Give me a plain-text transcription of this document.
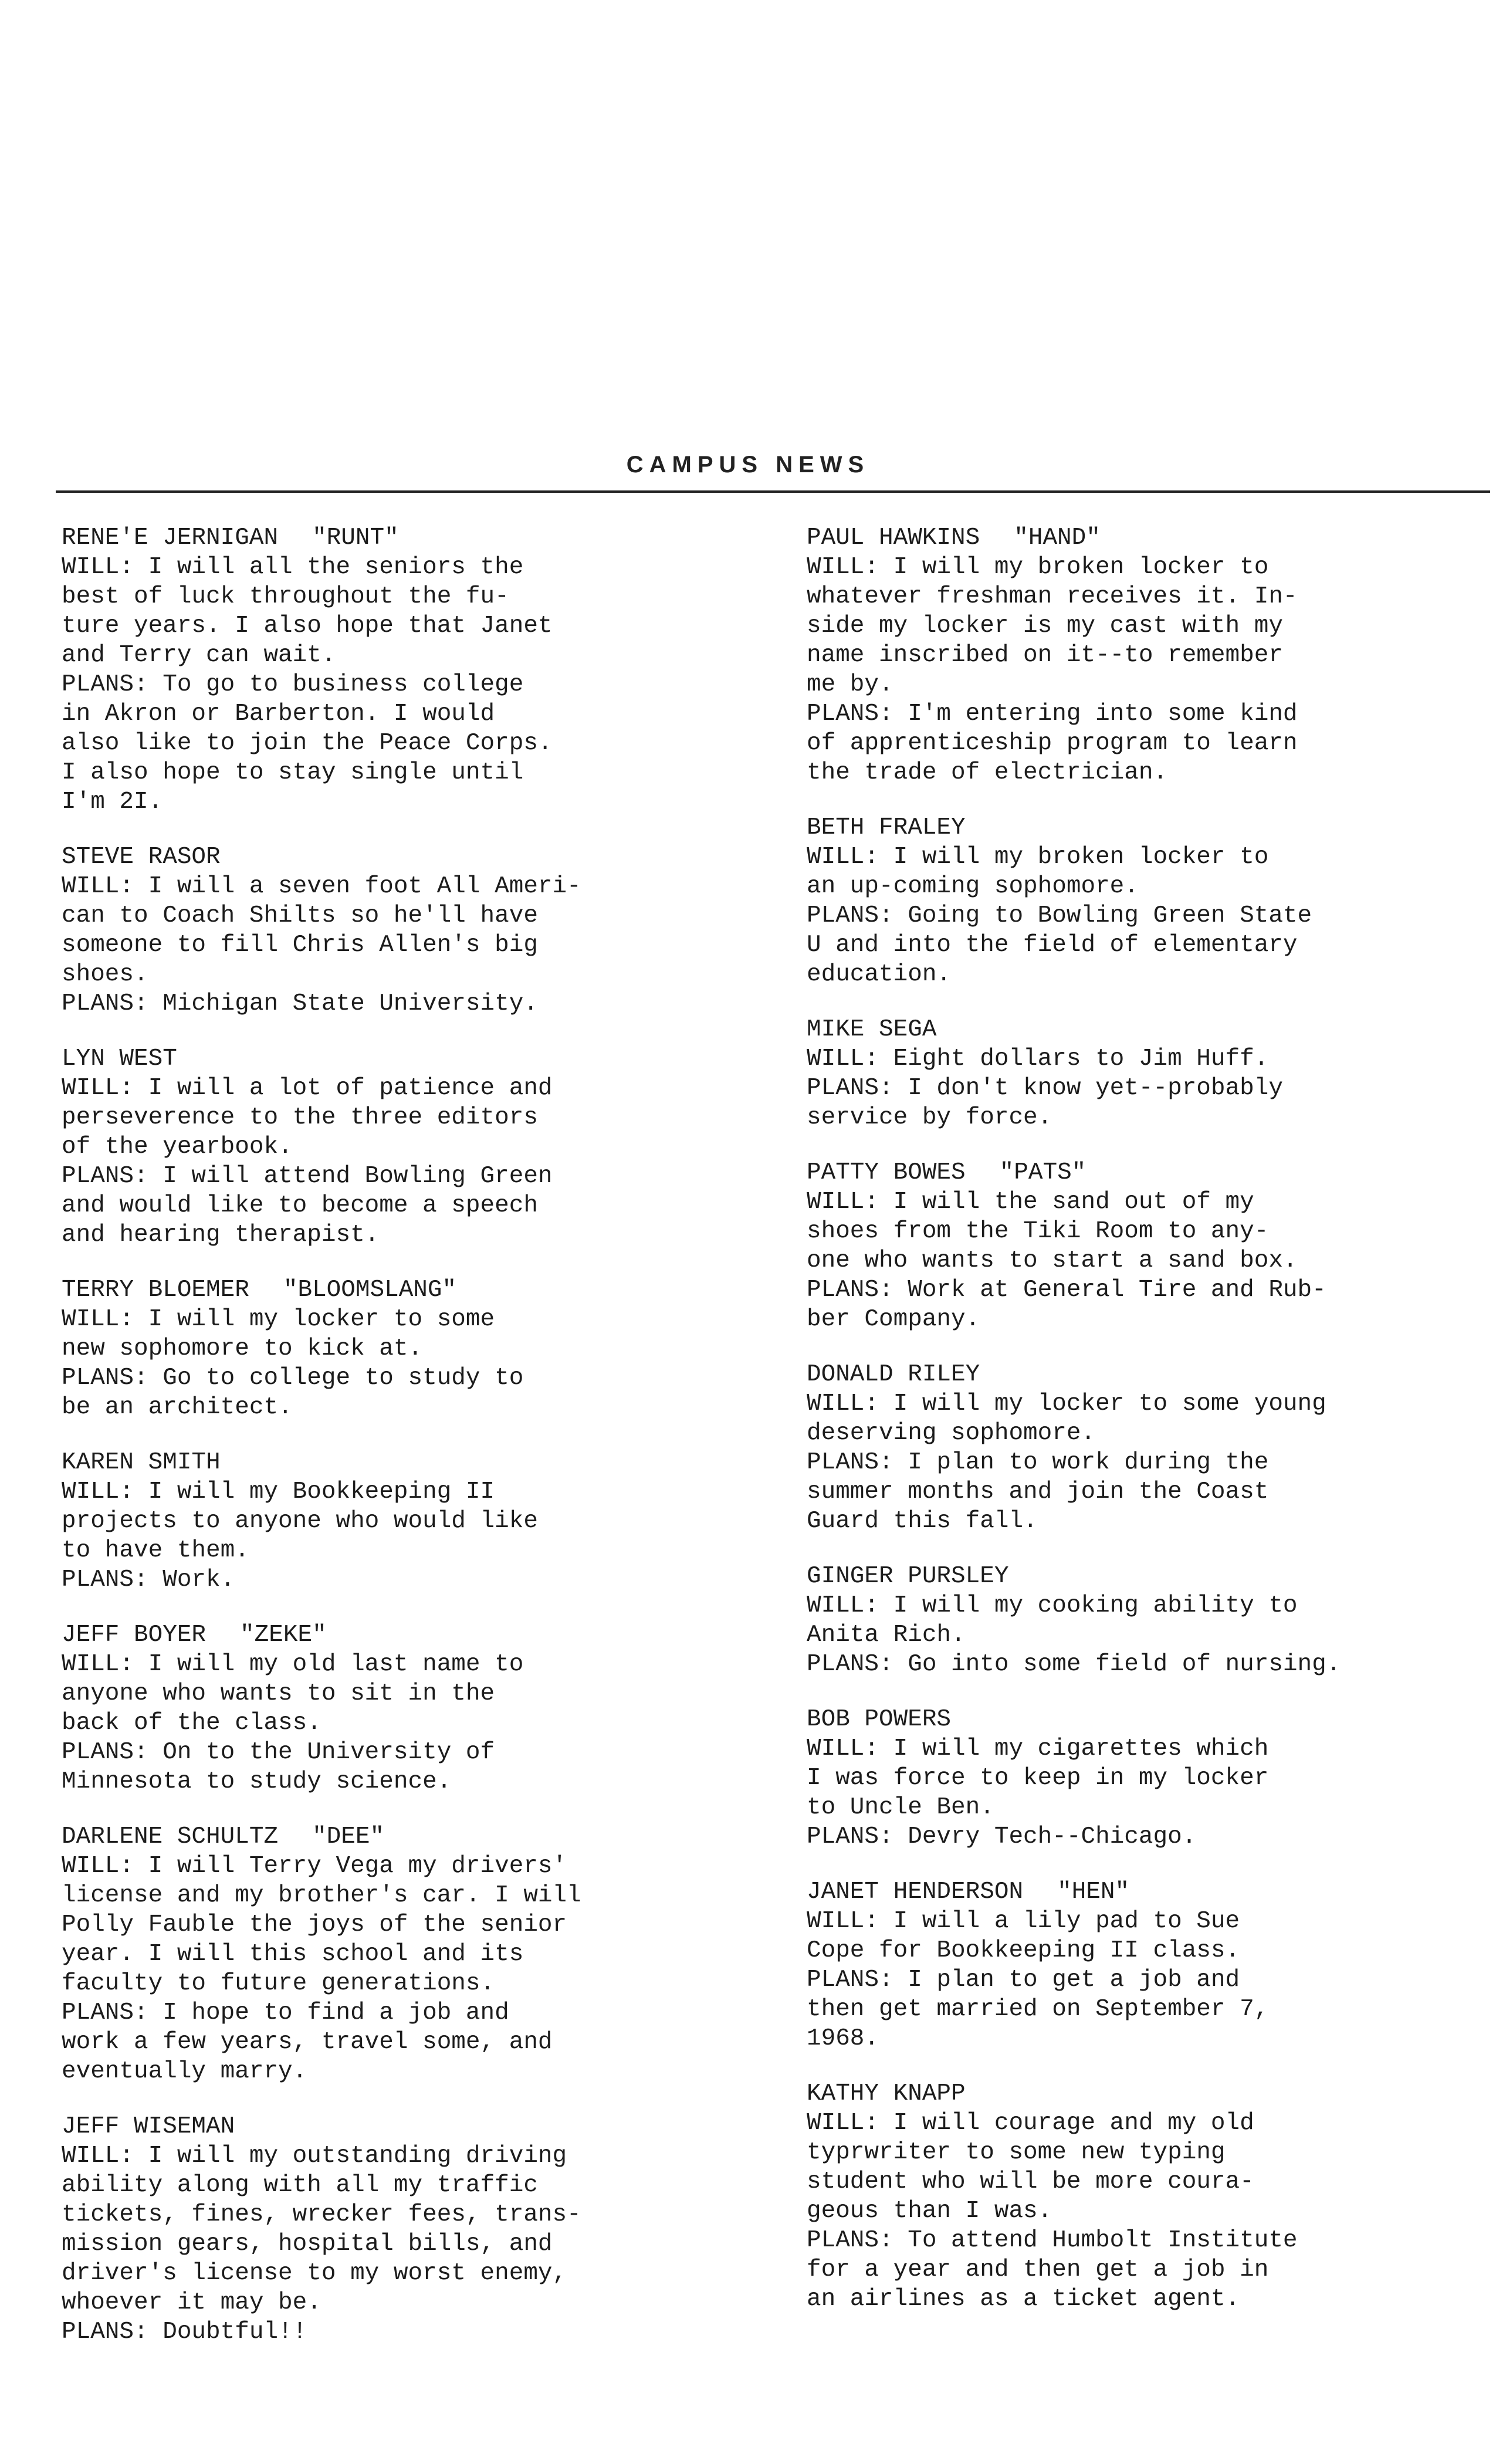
CAMPUS NEWS

RENE'E JERNIGAN "RUNT"

WILL: I will all the seniors the

best of luck throughout the fu-

ture years. I also hope that Janet

and Terry can wait.

PLANS: To go to business college

in Akron or Barberton. I would

also like to join the Peace Corps.

I also hope to stay single until

I'm 2I.

STEVE RASOR

WILL: I will a seven foot All Ameri-

can to Coach Shilts so he'll have

someone to fill Chris Allen's big

shoes.

PLANS: Michigan State University.

LYN WEST

WILL: I will a lot of patience and

perseverence to the three editors

of the yearbook.

PLANS: I will attend Bowling Green

and would like to become a speech

and hearing therapist.

TERRY BLOEMER "BLOOMSLANG"

WILL: I will my locker to some

new sophomore to kick at.

PLANS: Go to college to study to

be an architect.

KAREN SMITH

WILL: I will my Bookkeeping II

projects to anyone who would like

to have them.

PLANS: Work.

JEFF BOYER "ZEKE"

WILL: I will my old last name to

anyone who wants to sit in the

back of the class.

PLANS: On to the University of

Minnesota to study science.

DARLENE SCHULTZ "DEE"

WILL: I will Terry Vega my drivers'

license and my brother's car. I will

Polly Fauble the joys of the senior

year. I will this school and its

faculty to future generations.

PLANS: I hope to find a job and

work a few years, travel some, and

eventually marry.

JEFF WISEMAN

WILL: I will my outstanding driving

ability along with all my traffic

tickets, fines, wrecker fees, trans-

mission gears, hospital bills, and

driver's license to my worst enemy,

whoever it may be.

PLANS: Doubtful!!

PAUL HAWKINS "HAND"

WILL: I will my broken locker to

whatever freshman receives it. In-

side my locker is my cast with my

name inscribed on it--to remember

me by.

PLANS: I'm entering into some kind

of apprenticeship program to learn

the trade of electrician.

BETH FRALEY

WILL: I will my broken locker to

an up-coming sophomore.

PLANS: Going to Bowling Green State

U and into the field of elementary

education.

MIKE SEGA

WILL: Eight dollars to Jim Huff.

PLANS: I don't know yet--probably

service by force.

PATTY BOWES "PATS"

WILL: I will the sand out of my

shoes from the Tiki Room to any-

one who wants to start a sand box.

PLANS: Work at General Tire and Rub-

ber Company.

DONALD RILEY

WILL: I will my locker to some young

deserving sophomore.

PLANS: I plan to work during the

summer months and join the Coast

Guard this fall.

GINGER PURSLEY

WILL: I will my cooking ability to

Anita Rich.

PLANS: Go into some field of nursing.

BOB POWERS

WILL: I will my cigarettes which

I was force to keep in my locker

to Uncle Ben.

PLANS: Devry Tech--Chicago.

JANET HENDERSON "HEN"

WILL: I will a lily pad to Sue

Cope for Bookkeeping II class.

PLANS: I plan to get a job and

then get married on September 7,

1968.

KATHY KNAPP

WILL: I will courage and my old

typrwriter to some new typing

student who will be more coura-

geous than I was.

PLANS: To attend Humbolt Institute

for a year and then get a job in

an airlines as a ticket agent.
